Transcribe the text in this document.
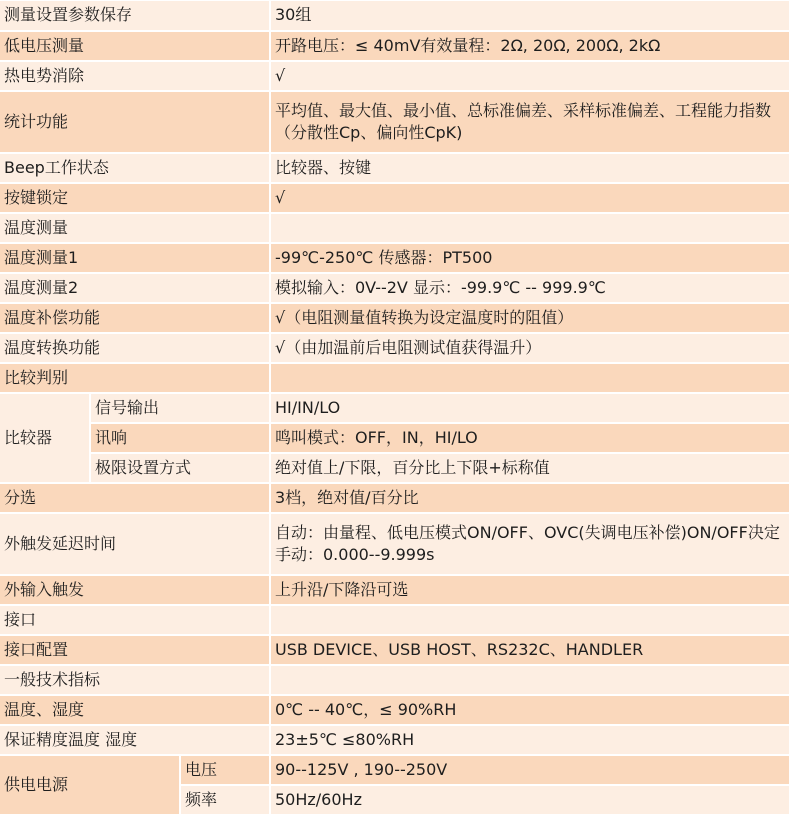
测量设置参数保存			30组
低电压测量			开路电压：≤ 40mV有效量程：2Ω, 20Ω, 200Ω, 2kΩ
热电势消除			√
统计功能			平均值、最大值、最小值、总标准偏差、采样标准偏差、工程能力指数（分散性Cp、偏向性CpK)
Beep工作状态			比较器、按键
按键锁定			√
温度测量			
温度测量1			-99℃-250℃ 传感器：PT500
温度测量2			模拟输入：0V--2V 显示：-99.9℃ -- 999.9℃
温度补偿功能			√（电阻测量值转换为设定温度时的阻值）
温度转换功能			√（由加温前后电阻测试值获得温升）
比较判别			
比较器	信号输出		HI/IN/LO
	讯响		鸣叫模式：OFF，IN，HI/LO
	极限设置方式		绝对值上/下限，百分比上下限+标称值
分选			3档，绝对值/百分比
外触发延迟时间			自动：由量程、低电压模式ON/OFF、OVC(失调电压补偿)ON/OFF决定手动：0.000--9.999s
外输入触发			上升沿/下降沿可选
接口			
接口配置			USB DEVICE、USB HOST、RS232C、HANDLER
一般技术指标			
温度、湿度			0℃ -- 40℃，≤ 90%RH
保证精度温度 湿度			23±5℃ ≤80%RH
供电电源		电压	90--125V , 190--250V
		频率	50Hz/60Hz
